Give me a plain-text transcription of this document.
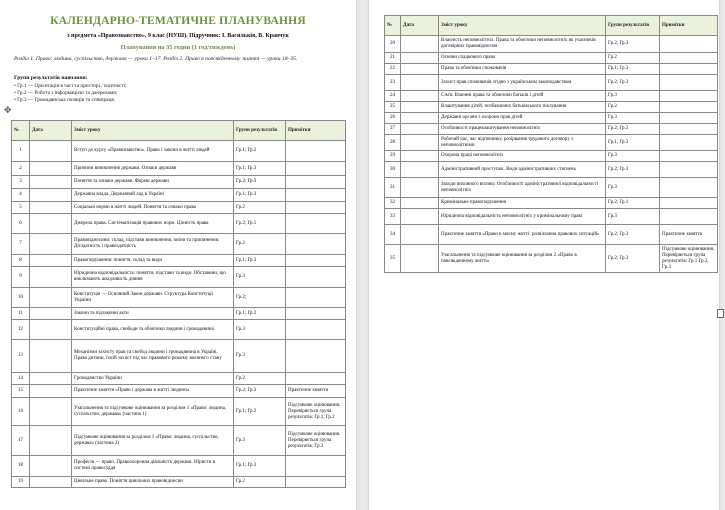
КАЛЕНДАРНО-ТЕМАТИЧНЕ ПЛАНУВАННЯ
з предмета «Правознавство», 9 клас (НУШ). Підручник: І. Васильків, В. Кравчук
Планування на 35 годин (1 год/тиждень)
Розділ 1. Право: людина, суспільство, держава — уроки 1–17. Розділ 2. Право в повсякденному житті — уроки 18–35.
Групи результатів навчання:
• Гр.1 — Орієнтація в часі та просторі / контексті;
• Гр.2 — Робота з інформацією та джерелами;
• Гр.3 — Громадянська позиція та співпраця.
✥
№	Дата	Зміст уроку	Групи результатів	Примітки
1		Вступ до курсу «Правознавство». Право і закони в житті людей	Гр.1; Гр.2	
2		Причини виникнення держави. Ознаки держави	Гр.1; Гр.3	
3		Поняття та ознаки держави. Форми держави	Гр.2; Гр.3	
4		Державна влада. Державний лад в Україні	Гр.1; Гр.3	
5		Соціальні норми в житті людей. Поняття та ознаки права	Гр.2	
6		Джерела права. Систематизація правових норм. Цінність права	Гр.2; Гр.1	
7		Правовідносини: склад, підстави виникнення, зміни та припинення. Дієздатність і правоздатність	Гр.2	
8		Правопорушення: поняття, склад та види	Гр.1; Гр.3	
9		Юридична відповідальність: поняття, підстави та види. Обставини, що виключають шкідливість діяння	Гр.3	
10		Конституція — Основний Закон держави. Структура Конституції України	Гр.2;	
11		Закони та підзаконні акти	Гр.1; Гр.2	
12		Конституційні права, свободи та обов'язки людини і громадянина	Гр.3	
13		Механізми захисту прав та свобод людини і громадянина в Україні. Права дитини, їхній захист під час правового режиму воєнного стану	Гр.3	
14		Громадянство України	Гр.2	
15		Практичне заняття «Право і держава в житті людини»	Гр.2; Гр.3	Практичне заняття
16		Узагальнення та підсумкове оцінювання за розділом 1 «Право: людина, суспільство, держава» (частина 1)	Гр.1; Гр.2	Підсумкове оцінювання. Перевіряється група результатів: Гр.1, Гр.2
17		Підсумкове оцінювання за розділом 1 «Право: людина, суспільство, держава» (частина 2)	Гр.3	Підсумкове оцінювання. Перевіряється група результатів: Гр.3
18		Професія — право. Правоохоронна діяльність держави. Юристи в системі правосуддя	Гр.1; Гр.3	
19		Цивільне право. Поняття цивільних правовідносин	Гр.2	
№	Дата	Зміст уроку	Групи результатів	Примітки
20		Власність неповнолітніх. Права та обов'язки неповнолітніх як учасників договірних правовідносин	Гр.2; Гр.3	
21		Основи спадкового права	Гр.2	
22		Права та обов'язки споживачів	Гр.1; Гр.3	
23		Захист прав споживачів згідно з українським законодавством	Гр.2; Гр.3	
24		Сім'я. Взаємні права та обов'язки батьків і дітей	Гр.3	
25		Влаштування дітей, позбавлених батьківського піклування	Гр.2	
26		Державні органи з охорони прав дітей	Гр.3	
27		Особливості працевлаштування неповнолітніх	Гр.2; Гр.3	
28		Робочий час, час відпочинку, розірвання трудового договору з неповнолітніми	Гр.1; Гр.3	
29		Охорона праці неповнолітніх	Гр.3	
30		Адміністративний проступок. Види адміністративних стягнень	Гр.2; Гр.3	
31		Заходи виховного впливу. Особливості адміністративної відповідальності неповнолітніх	Гр.3	
32		Кримінальне правопорушення	Гр.2; Гр.1	
33		Юридична відповідальність неповнолітніх у кримінальному праві	Гр.3	
34		Практичне заняття «Право в моєму житті: розв'язання правових ситуацій»	Гр.2; Гр.3	Практичне заняття
35		Узагальнення та підсумкове оцінювання за розділом 2 «Право в повсякденному житті»	Гр.2; Гр.3	Підсумкове оцінювання. Перевіряється група результатів: Гр.1 Гр.2, Гр.3
